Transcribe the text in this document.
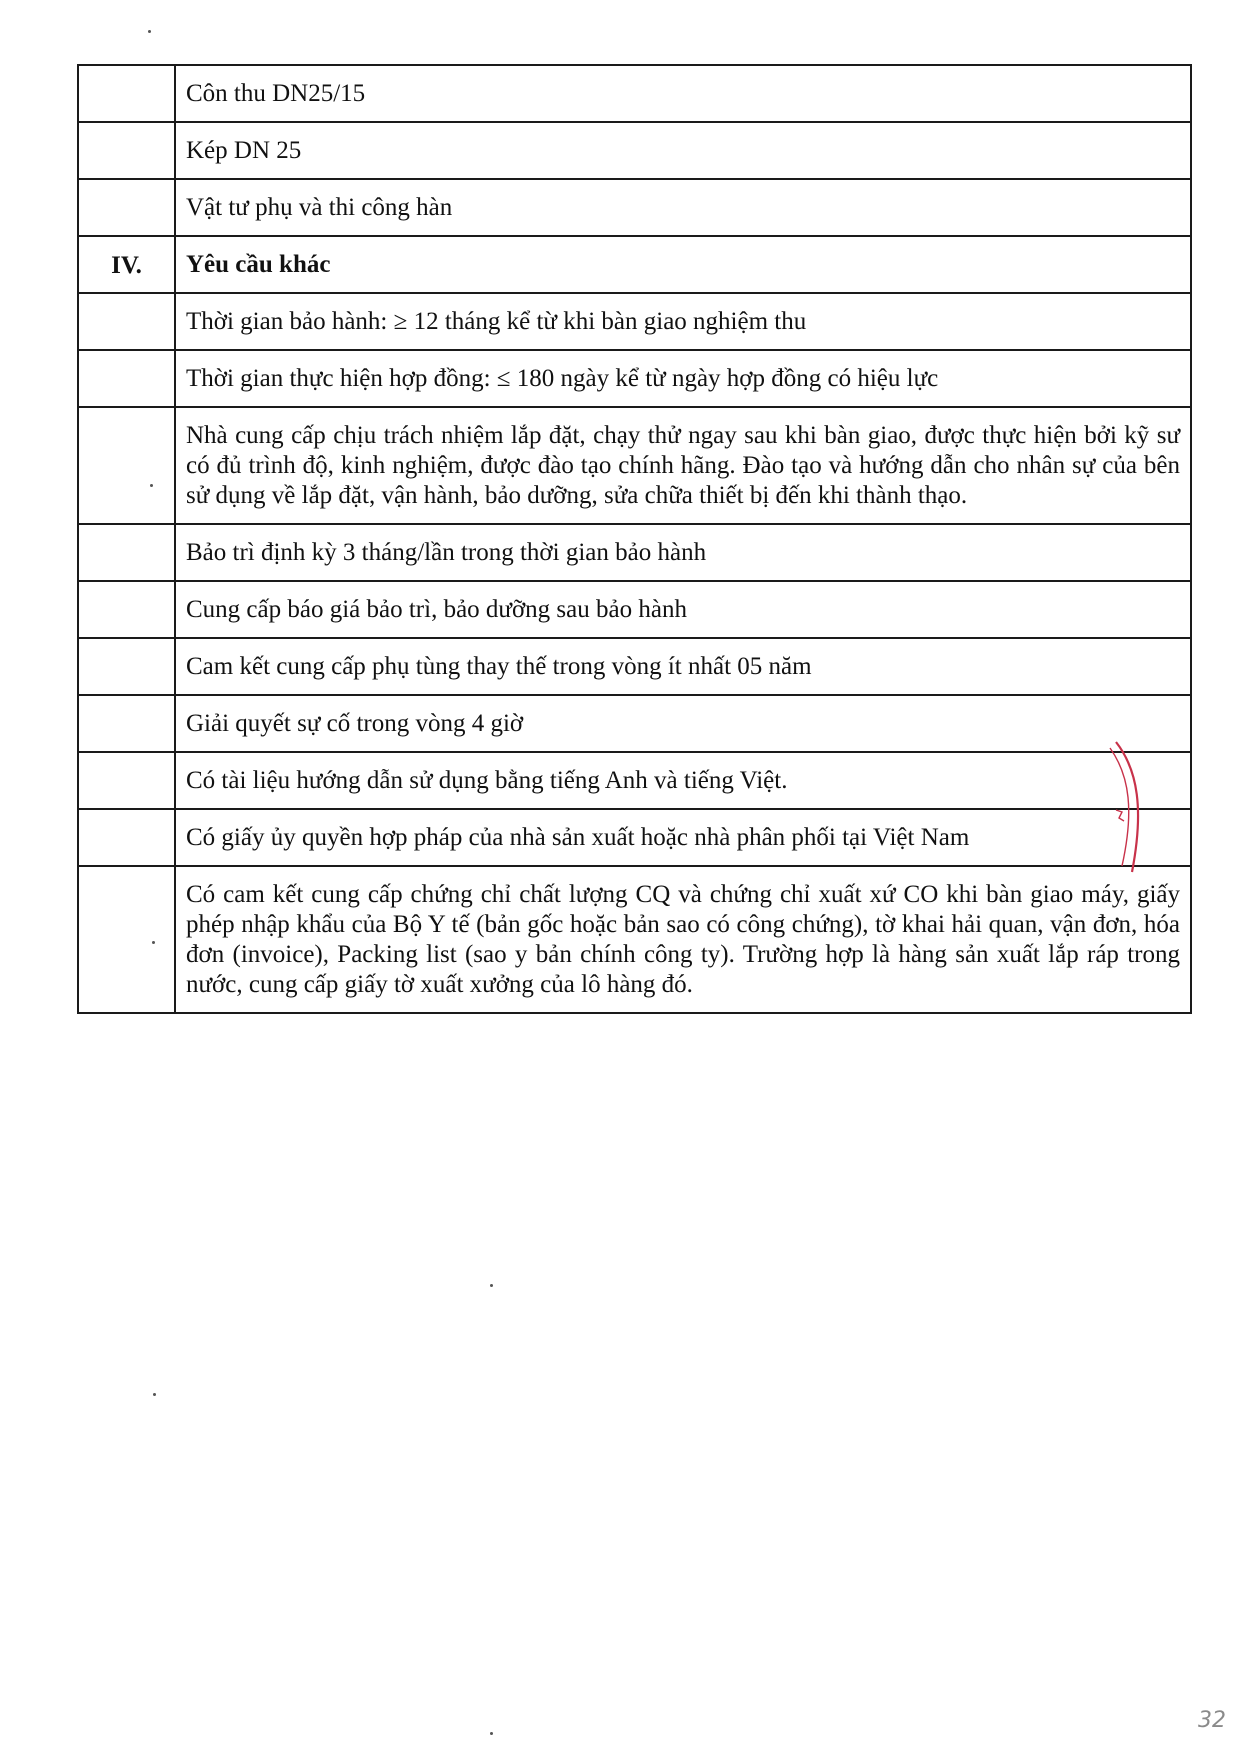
	Côn thu DN25/15

	Kép DN 25

	Vật tư phụ và thi công hàn

IV.	Yêu cầu khác

	Thời gian bảo hành: ≥ 12 tháng kể từ khi bàn giao nghiệm thu

	Thời gian thực hiện hợp đồng: ≤ 180 ngày kể từ ngày hợp đồng có hiệu lực

	Nhà cung cấp chịu trách nhiệm lắp đặt, chạy thử ngay sau khi bàn giao, được thực hiện bởi kỹ sư có đủ trình độ, kinh nghiệm, được đào tạo chính hãng. Đào tạo và hướng dẫn cho nhân sự của bên sử dụng về lắp đặt, vận hành, bảo dưỡng, sửa chữa thiết bị đến khi thành thạo.

	Bảo trì định kỳ 3 tháng/lần trong thời gian bảo hành

	Cung cấp báo giá bảo trì, bảo dưỡng sau bảo hành

	Cam kết cung cấp phụ tùng thay thế trong vòng ít nhất 05 năm

	Giải quyết sự cố trong vòng 4 giờ

	Có tài liệu hướng dẫn sử dụng bằng tiếng Anh và tiếng Việt.

	Có giấy ủy quyền hợp pháp của nhà sản xuất hoặc nhà phân phối tại Việt Nam

	Có cam kết cung cấp chứng chỉ chất lượng CQ và chứng chỉ xuất xứ CO khi bàn giao máy, giấy phép nhập khẩu của Bộ Y tế (bản gốc hoặc bản sao có công chứng), tờ khai hải quan, vận đơn, hóa đơn (invoice), Packing list (sao y bản chính công ty). Trường hợp là hàng sản xuất lắp ráp trong nước, cung cấp giấy tờ xuất xưởng của lô hàng đó.
32
